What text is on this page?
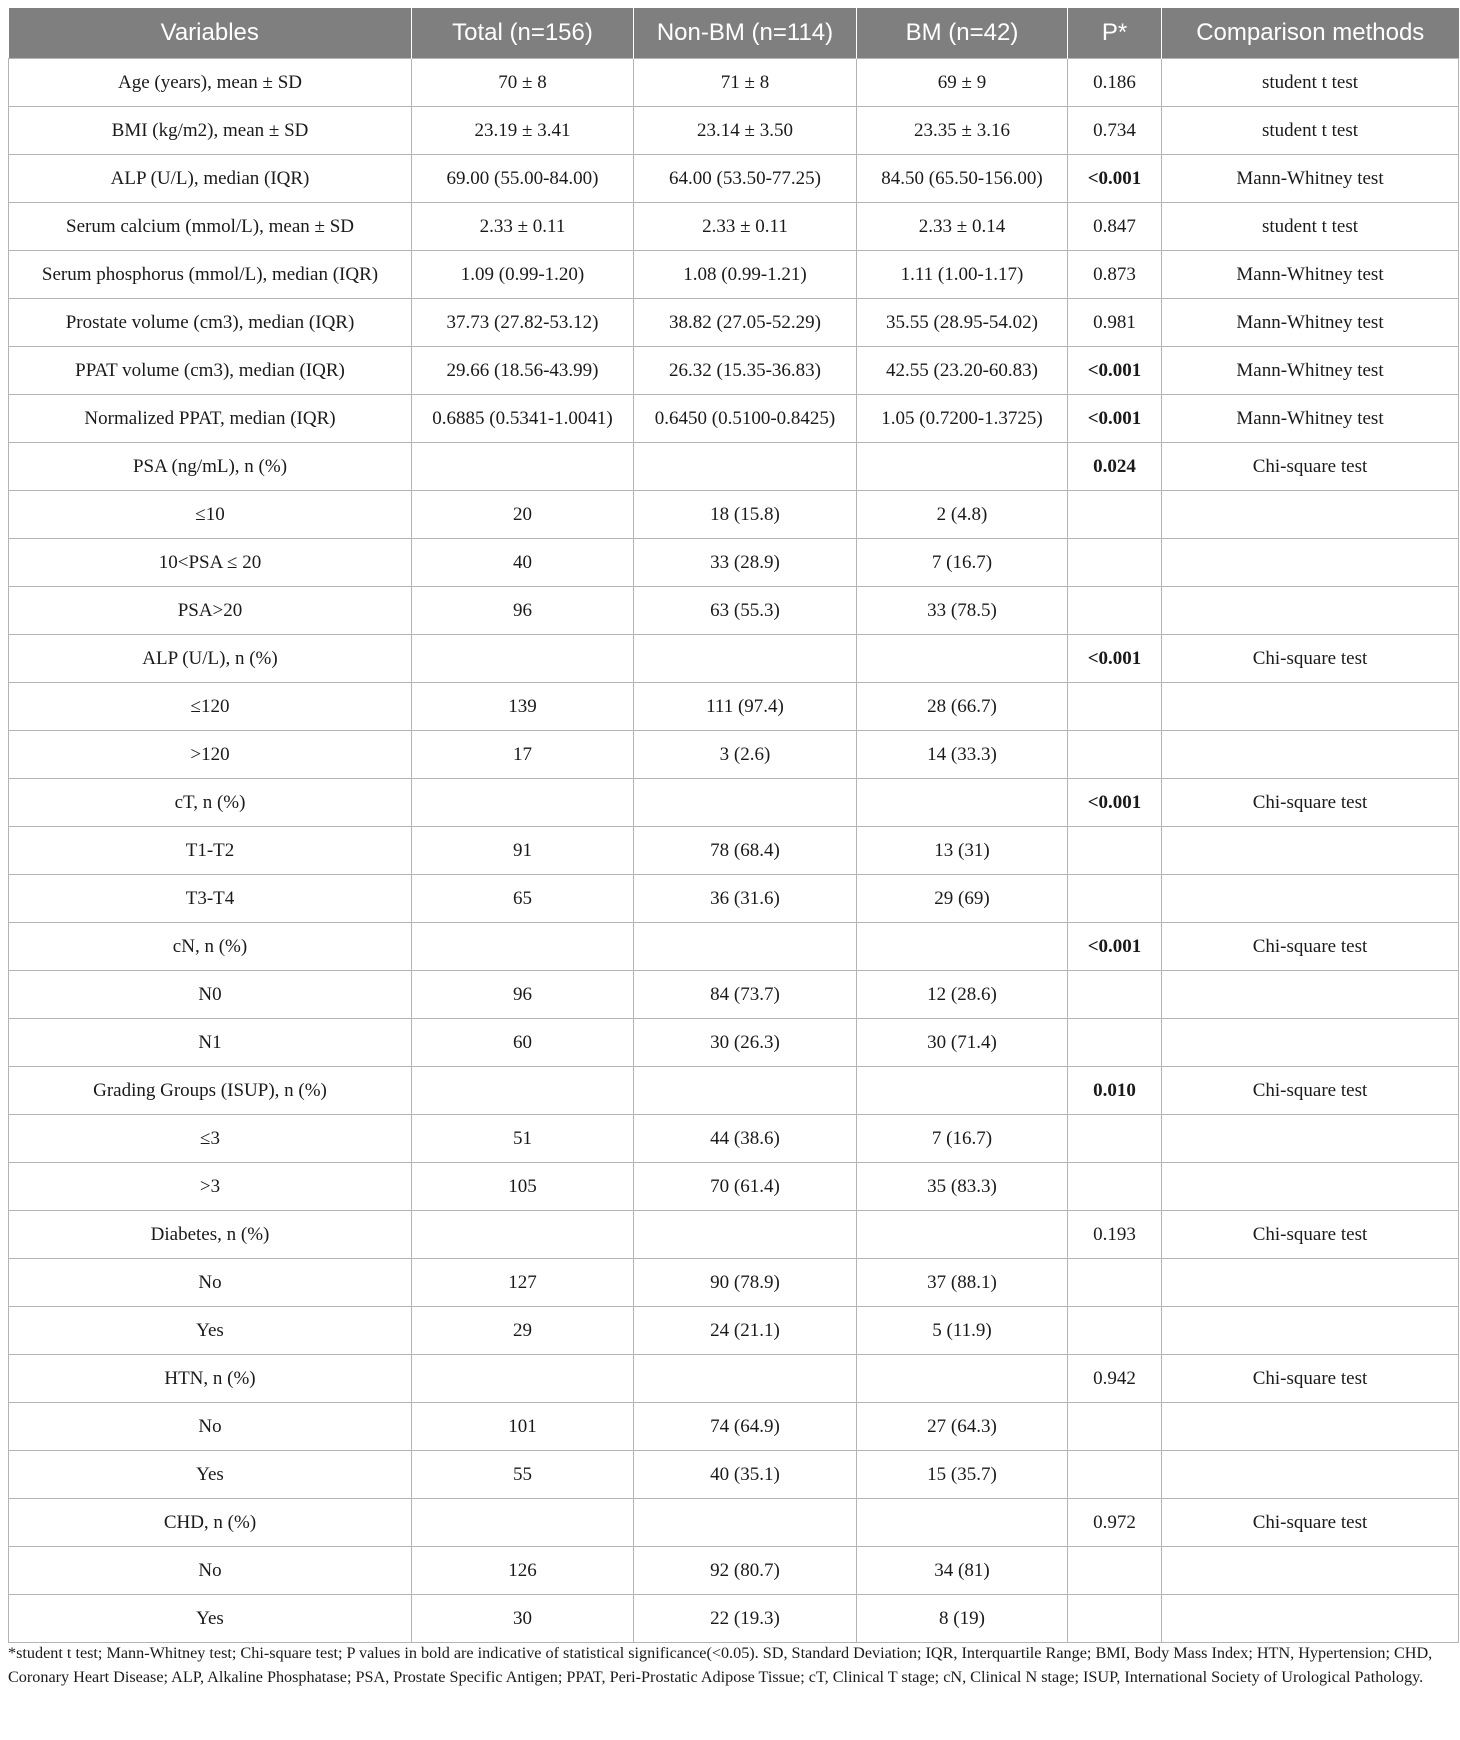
Variables	Total (n=156)	Non-BM (n=114)	BM (n=42)	P*	Comparison methods
Age (years), mean ± SD	70 ± 8	71 ± 8	69 ± 9	0.186	student t test
BMI (kg/m2), mean ± SD	23.19 ± 3.41	23.14 ± 3.50	23.35 ± 3.16	0.734	student t test
ALP (U/L), median (IQR)	69.00 (55.00-84.00)	64.00 (53.50-77.25)	84.50 (65.50-156.00)	<0.001	Mann-Whitney test
Serum calcium (mmol/L), mean ± SD	2.33 ± 0.11	2.33 ± 0.11	2.33 ± 0.14	0.847	student t test
Serum phosphorus (mmol/L), median (IQR)	1.09 (0.99-1.20)	1.08 (0.99-1.21)	1.11 (1.00-1.17)	0.873	Mann-Whitney test
Prostate volume (cm3), median (IQR)	37.73 (27.82-53.12)	38.82 (27.05-52.29)	35.55 (28.95-54.02)	0.981	Mann-Whitney test
PPAT volume (cm3), median (IQR)	29.66 (18.56-43.99)	26.32 (15.35-36.83)	42.55 (23.20-60.83)	<0.001	Mann-Whitney test
Normalized PPAT, median (IQR)	0.6885 (0.5341-1.0041)	0.6450 (0.5100-0.8425)	1.05 (0.7200-1.3725)	<0.001	Mann-Whitney test
PSA (ng/mL), n (%)				0.024	Chi-square test
≤10	20	18 (15.8)	2 (4.8)		
10<PSA ≤ 20	40	33 (28.9)	7 (16.7)		
PSA>20	96	63 (55.3)	33 (78.5)		
ALP (U/L), n (%)				<0.001	Chi-square test
≤120	139	111 (97.4)	28 (66.7)		
>120	17	3 (2.6)	14 (33.3)		
cT, n (%)				<0.001	Chi-square test
T1-T2	91	78 (68.4)	13 (31)		
T3-T4	65	36 (31.6)	29 (69)		
cN, n (%)				<0.001	Chi-square test
N0	96	84 (73.7)	12 (28.6)		
N1	60	30 (26.3)	30 (71.4)		
Grading Groups (ISUP), n (%)				0.010	Chi-square test
≤3	51	44 (38.6)	7 (16.7)		
>3	105	70 (61.4)	35 (83.3)		
Diabetes, n (%)				0.193	Chi-square test
No	127	90 (78.9)	37 (88.1)		
Yes	29	24 (21.1)	5 (11.9)		
HTN, n (%)				0.942	Chi-square test
No	101	74 (64.9)	27 (64.3)		
Yes	55	40 (35.1)	15 (35.7)		
CHD, n (%)				0.972	Chi-square test
No	126	92 (80.7)	34 (81)		
Yes	30	22 (19.3)	8 (19)		
*student t test; Mann-Whitney test; Chi-square test; P values in bold are indicative of statistical significance(<0.05). SD, Standard Deviation; IQR, Interquartile Range; BMI, Body Mass Index; HTN, Hypertension; CHD, Coronary Heart Disease; ALP, Alkaline Phosphatase; PSA, Prostate Specific Antigen; PPAT, Peri-Prostatic Adipose Tissue; cT, Clinical T stage; cN, Clinical N stage; ISUP, International Society of Urological Pathology.
